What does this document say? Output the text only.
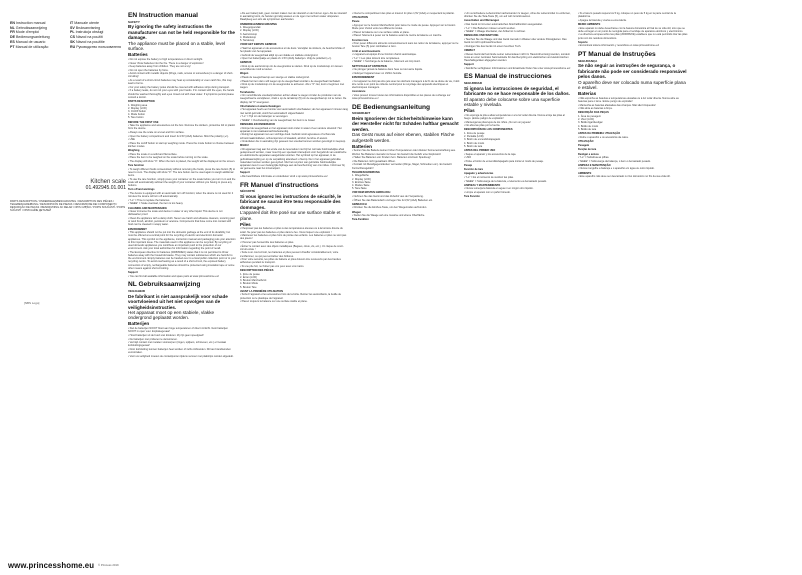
EN Instruction manual	IT Manuale utente
NL Gebruiksaanwijzing	SV Bruksanvisning
FR Mode d'emploi	PL Instrukcja obsługi
DE Bedienungsanleitung	CS Návod na použití
ES Manual de usuario	SK Návod na použitie
PT Manual de utilização	RU Руководство пользователя
Kitchen scale
01.492945.01.001
PARTS DESCRIPTION / ONDERDELENBESCHRIJVING / DESCRIPTION DES PIÈCES / TEILEBESCHREIBUNG / DESCRIPCIÓN DE PIEZAS / DESCRIZIONE DEI COMPONENTI / DESCRIÇÃO DE PEÇAS / BESKRIVNING AV DELAR / OPIS CZĘŚCI / POPIS SOUČÁSTÍ / POPIS SÚČASTÍ / ОПИСАНИЕ ДЕТАЛЕЙ
[NBS Logo]
www.princesshome.eu © Princess 2019
EN Instruction manual
SAFETY

By ignoring the safety instructions the manufacturer can not be held responsible for the damage.

The appliance must be placed on a stable, level surface.

Batteries

• Do not expose the battery to high temperatures or direct sunlight.

• Never throw batteries into the fire. There is a danger of explosion!

• Keep batteries away from children. They are not a toy!

• Do not open the batteries by force.

• Avoid contact with metallic objects (Rings, nails, screws or somewhere) is a danger of short-circuiting!

• As a result of a short-circuit batteries may heat up considerably or even catch fire, this may lead to burns.

• For your safety the battery poles should be covered with adhesive strips during transport.

• If a battery leaks, do not rub your eyes with your hands. If in contact with the eyes, the hands should be washed thoroughly and eyes rinsed out with clear water. If symptoms persist please consult a doctor.

PARTS DESCRIPTION

1. Weighing area

2. Display (LCD)

3. On/Off button

4. Mode button

5. Tare button

BEFORE THE FIRST USE

• Take the appliance and accessories out the box. Remove the stickers, protective foil or plastic from the device.

• Always use the scale on a level and firm surface.

• Open the battery compartment and insert 2x1.5V (AAA) batteries. Mind the polarity (+/-).

• USE

• Place the on/off button to start up weighing mode. Press the mode button to choose between kitchen modes.

Weighing

• Place the scale on a solid and flat surface.

• Place the item to be weighed on the scale before turning on the scale.

• The display will show "0". When the item is placed, the weight will be displayed on the screen.

Tare function

• To weigh different foods consecutively without removing the foods, press the tare button (5) to reset to zero. The display will show "0". The tare button can be used again to weigh additional items.

• To use the tare function, simply press your container on the scale before you turn it on and the scale will automatically subtract the weight of your container without you having to press any buttons.

Turn off and warnings

• The device is equipped with an automatic turn off function; when the device is not used for 2 minutes the device will turn off automatically.

• "Lo" = Time to replace the batteries.

• "EEEE" = Scale overload, the item is too heavy.

CLEANING AND MAINTENANCE

• Never immerse the scale and device in water or any other liquid. This device is not dishwasher proof.

• Clean the appliance with a damp cloth. Never use harsh and abrasive cleaners, scouring pad or wool brush, alcohol, petroleum or acetone. Components that have come into contact with food can be cleaned in soapy water.

ENVIRONMENT

• This appliance should not be put into the domestic garbage at the end of its durability, but must be offered at a central point for the recycling of electric and electronic domestic appliances. This symbol on the appliance, instruction manual and packaging puts your attention to this important issue. The materials used in this appliance can be recycled. By recycling of used domestic appliances you contribute an important push to the protection of our environment. Ask your local authorities for information regarding the point of recall.

• The European directive for batteries (2006/66/EC) states that it is not permitted to throw batteries away with the household waste. They may contain substances which are harmful to the environment. Empty batteries can be handed over to a local public collection point or to your recycling centre. To avoid overheating as a result of a short-circuit, the exposed battery connectors of empty, rechargeable batteries should be protected using insulation tape or some other means against short-circuiting.

Support

• You can find all available information and spare parts at www.princesshome.eu!

NL Gebruiksaanwijzing
VEILIGHEID

De fabrikant is niet aansprakelijk voor schade voortvloeiend uit het niet opvolgen van de veiligheidsinstructies.

Het apparaat moet op een stabiele, vlakke ondergrond geplaatst worden.

Batterijen

• Stel de batterijen NOOIT bloot aan hoge temperaturen of direct zonlicht. Gooi batterijen NOOIT in open vuur. Explosiegevaar!

• Houd batterijen uit de buurt van kinderen. Zij zijn geen speelgoed!

• De batterijen niet proberen te demonteren.

• Vermijd contact met metalen voorwerpen (ringen, spijkers, schroeven, etc.) er bestaat kortsluitingsgevaar!

• Door kortsluiting kunnen batterijen heet worden of zelfs ontbranden. Dit kan brandwonden veroorzaken.

• Voor uw veiligheid moeten de contactpunten tijdens vervoer met plakstrips worden afgedekt.

• Als een batterij lekt, geen contact maken met de vloeistof en de huid en ogen. Als de vloeistof in aanraking komt, de handen grondig wassen en de ogen met schoon water uitspoelen. Raadpleeg een arts als symptomen aanhouden.

ONDERDELENBESCHRIJVING

1. Weegoppervlak

2. Display (LCD)

3. Aan/uit-knop

4. Modusknop

5. Tarraknop

VOOR HET EERSTE GEBRUIK

• Haal het apparaat en de accessoires uit de doos. Verwijder de stickers, de beschermfolie of het plastic van het apparaat.

• Gebruik de weegschaal altijd op een vlakke en stabiele ondergrond.

• Open het batterijvakje en plaats 2x 1.5V (AAA) batterijen. Volg de polariteit (+/-).

GEBRUIK

• Druk op de aan/uit-knop om de weegmodus te starten. Druk op de modusknop om tussen verschillende modi te kiezen.

Wegen

• Plaats de weegschaal op een stevige en vlakke ondergrond.

• Plaats het item dat u wilt wegen op de weegschaal voordat u de weegschaal inschakelt.

• Druk op de modusknop om de weegmodus te activeren. Als u "0" ziet, kunt u beginnen met wegen.

Tarrafunctie

• Om verschillende voedselproducten achter elkaar te wegen zonder de producten van de weegschaal te verwijderen, drukt u op de tarraknop (5) om de weegschaal op nul te zetten. De display zal "0" weergeven.

Uitschakelen en waarschuwingen

• Het apparaat heeft een functie voor automatisch uitschakelen; als het apparaat 2 minuten lang niet wordt gebruikt, wordt het automatisch uitgeschakeld.

• "Lo" = Tijd om de batterijen te vervangen.

• "EEEE" = Overbelasting van de weegschaal, het item is te zwaar.

REINIGING EN ONDERHOUD

• Dompel de weegschaal en het apparaat nooit onder in water of een andere vloeistof. Het apparaat is niet vaatwasmachinebestendig.

• Reinig het apparaat met een vochtige doek. Gebruik nooit agressieve of schurende schoonmaakmiddelen, schuursponzen of staalwol, alcohol, benzine of aceton.

• Onderdelen die in aanraking zijn geweest met voedsel kunnen worden gereinigd in zeepsop.

MILIEU

• Dit apparaat mag aan het einde van de levensduur niet bij het normale huishoudelijke afval gedeponeerd worden, maar moet bij een speciaal inzamelpunt voor hergebruik van elektrische en elektronische apparaten aangeboden worden. Het symbool op het apparaat, in de gebruiksaanwijzing en op de verpakking attendeert u hierop. De in het apparaat gebruikte materialen kunnen worden gerecycled. Met het recyclen van gebruikte huishoudelijke apparaten levert u een belangrijke bijdrage aan de bescherming van ons milieu. Informeer bij uw gemeente naar het inzamelpunt.

Support

• Alle beschikbare informatie en onderdelen vindt u op www.princesshome.eu!

FR Manuel d'instructions
SÉCURITÉ

Si vous ignorez les instructions de sécurité, le fabricant ne saurait être tenu responsable des dommages.

L'appareil doit être posé sur une surface stable et plane.

Piles

• N'exposez pas les batteries et piles à des températures élevées ou à la lumière directe du soleil. Ne jetez pas les batteries et piles dans le feu. Vous risquez une explosion !

• Maintenez les batteries et piles hors de portée des enfants. Les batteries et piles ne sont pas des jouets !

• N'ouvrez pas l'ensemble des batteries et piles.

• Évitez le contact avec des objets métalliques (Bagues, clous, vis, etc.). Un risque de court-circuit existe !

• Suite à un court-circuit, les batteries et piles peuvent chauffer considérablement, voire s'enflammer, ce qui peut entraîner des brûlures.

• Pour votre sécurité, les pôles de batterie et piles doivent être recouverts par des bandes adhésives pendant le transport.

• Si une pile fuit, ne frottez pas vos yeux avec vos mains.

DESCRIPTION DES PIÈCES

1. Zone de pesée

2. Écran (LCD)

3. Bouton Marche/Arrêt

4. Bouton Mode

5. Bouton Tare

AVANT LA PREMIÈRE UTILISATION

• Sortez l'appareil et les accessoires hors de la boîte. Retirez les autocollants, la feuille de protection ou le plastique de l'appareil.

• Placez toujours la balance sur une surface stable et plane.

• Ouvrez le compartiment des piles et insérez 2x piles 1,5V (AAA) en respectant la polarité.

UTILISATION

Pesée

• Appuyez sur le bouton Marche/Arrêt pour lancer le mode de pesée. Appuyez sur le bouton Mode pour choisir entre les différents modes.

• Placez la balance sur une surface solide et plane.

• Placez l'élément à peser sur la balance avant de mettre la balance en marche.

Fonction tare

• Pour peser différents aliments consécutivement sans les retirer de la balance, appuyez sur le bouton Tare (5) pour réinitialiser à zéro.

Arrêt et avertissements

• L'appareil est équipé d'une fonction d'arrêt automatique.

• "Lo" = Les piles doivent être remplacées.

• "EEEE" = Surcharge de la balance, l'élément est trop lourd.

NETTOYAGE ET ENTRETIEN

• Ne plongez jamais la balance dans l'eau ou tout autre liquide.

• Nettoyez l'appareil avec un chiffon humide.

ENVIRONNEMENT

• Cet appareil ne doit pas être jeté avec les déchets ménagers à la fin de sa durée de vie, il doit être remis à un point de collecte central pour le recyclage des appareils électriques et électroniques ménagers.

Assistance

• Vous pouvez trouver toutes les informations disponibles et les pièces de rechange sur www.princesshome.eu !

DE Bedienungsanleitung
SICHERHEIT

Beim Ignorieren der Sicherheitshinweise kann der Hersteller nicht für Schäden haftbar gemacht werden.

Das Gerät muss auf einer ebenen, stabilen Fläche aufgestellt werden.

Batterien

• Setzen Sie die Batterie keinen hohen Temperaturen oder direkter Sonneneinstrahlung aus. Werfen Sie Batterien niemals ins Feuer. Es besteht die Gefahr einer Explosion!

• Halten Sie Batterien von Kindern fern. Batterien sind kein Spielzeug!

• Die Batterien nicht gewaltsam öffnen.

• Kontakt mit Metallgegenständen vermeiden (Ringe, Nägel, Schrauben etc.). Es besteht Kurzschlussgefahr!

TEILEBESCHREIBUNG

1. Wiegefläche

2. Display (LCD)

3. Ein/Aus-Taste

4. Modus-Taste

5. Tara-Taste

VOR DEM ERSTEN GEBRAUCH

• Nehmen Sie das Gerät und das Zubehör aus der Verpackung.

• Öffnen Sie das Batteriefach und legen Sie 2x1,5V (AAA) Batterien ein.

GEBRAUCH

• Drücken Sie die Ein/Aus-Taste, um den Wiegemodus aufzurufen.

Wiegen

• Stellen Sie die Waage auf eine massive und ebene Oberfläche.

Tara-Funktion

• Um verschiedene Lebensmittel nacheinander zu wiegen, ohne die Lebensmittel zu entfernen, drücken Sie die Tara-Taste (5), um auf null zurückzusetzen.

Ausschalten und Warnungen

• Das Gerät ist mit einer automatischen Abschaltfunktion ausgestattet.

• "Lo" = Die Batterien müssen ersetzt werden.

• "EEEE" = Waage überlastet, der Artikel ist zu schwer.

REINIGUNG UND WARTUNG

• Tauchen Sie die Waage und das Gerät niemals in Wasser oder andere Flüssigkeiten. Das Gerät ist nicht spülmaschinenfest.

• Reinigen Sie das Gerät mit einem feuchten Tuch.

UMWELT

• Dieses Gerät darf am Ende seiner Lebensdauer nicht im Hausmüll entsorgt werden, sondern muss an einer zentralen Sammelstelle für das Recycling von elektrischen und elektronischen Haushaltsgeräten abgegeben werden.

Support

• Sämtliche verfügbaren Informationen und Ersatzteile finden Sie unter www.princesshome.eu!

ES Manual de instrucciones
SEGURIDAD

Si ignora las instrucciones de seguridad, el fabricante no se hace responsable de los daños.

El aparato debe colocarse sobre una superficie estable y nivelada.

Pilas

• No exponga la pila a altas temperaturas o a la luz solar directa. Nunca arroje las pilas al fuego. ¡Existe peligro de explosión!

• Mantenga las pilas lejos de los niños. ¡No son un juguete!

• No abra las pilas por la fuerza.

DESCRIPCIÓN DE LOS COMPONENTES

1. Zona de pesaje

2. Pantalla (LCD)

3. Botón de encendido/apagado

4. Botón de modo

5. Botón de tara

ANTES DEL PRIMER USO

• Saque el aparato y los accesorios de la caja.

• USO

• Pulse el botón de encendido/apagado para iniciar el modo de pesaje.

Pesaje

Función de tara

Apagado y advertencias

• "Lo" = Es el momento de sustituir las pilas.

• "EEEE" = Sobrecarga de la báscula, el elemento es demasiado pesado.

LIMPIEZA Y MANTENIMIENTO

• Nunca sumerja la báscula en agua ni en ningún otro líquido.

• Limpie el aparato con un paño húmedo.

Tara Función

• Si el tara lo pesado supera los 5 kg, coloque un peso de 5 kg en la parte central de la plataforma.

• Apague la báscula y vuelva a encenderla.

MEDIO AMBIENTE

• Este aparato no debe desecharse con la basura doméstica al final de su vida útil, sino que se debe entregar en un punto de recogida para el reciclaje de aparatos eléctricos y electrónicos.

• La directiva europea sobre las pilas (2006/66/CE) establece que no está permitido tirar las pilas junto con los residuos domésticos.

Soporte

• Encontrará toda la información y recambios en www.princesshome.eu!

PT Manual de Instruções
SEGURANÇA

Se não seguir as instruções de segurança, o fabricante não pode ser considerado responsável pelos danos.

O aparelho deve ser colocado numa superfície plana e estável.

Baterias

• Não exponha as baterias a temperaturas elevadas ou à luz solar directa. Nunca atire as baterias para o lume. Existe perigo de explosão!

• Mantenha as baterias afastadas das crianças. Não são brinquedos!

• Não abra as baterias à força.

DESCRIÇÃO DAS PEÇAS

1. Área de pesagem

2. Visor (LCD)

3. Botão ligar/desligar

4. Botão de modo

5. Botão de tara

ANTES DA PRIMEIRA UTILIZAÇÃO

• Retire o aparelho e os acessórios da caixa.

UTILIZAÇÃO

Pesagem

Função de tara

Desligar e avisos

• "Lo" = Substitua as pilhas.

• "EEEE" = Sobrecarga da balança, o item é demasiado pesado.

LIMPEZA E MANUTENÇÃO

• Nunca mergulhe a balança e o aparelho em água ou outro líquido.

AMBIENTE

• Este aparelho não deve ser descartado no lixo doméstico no fim da sua vida útil.
